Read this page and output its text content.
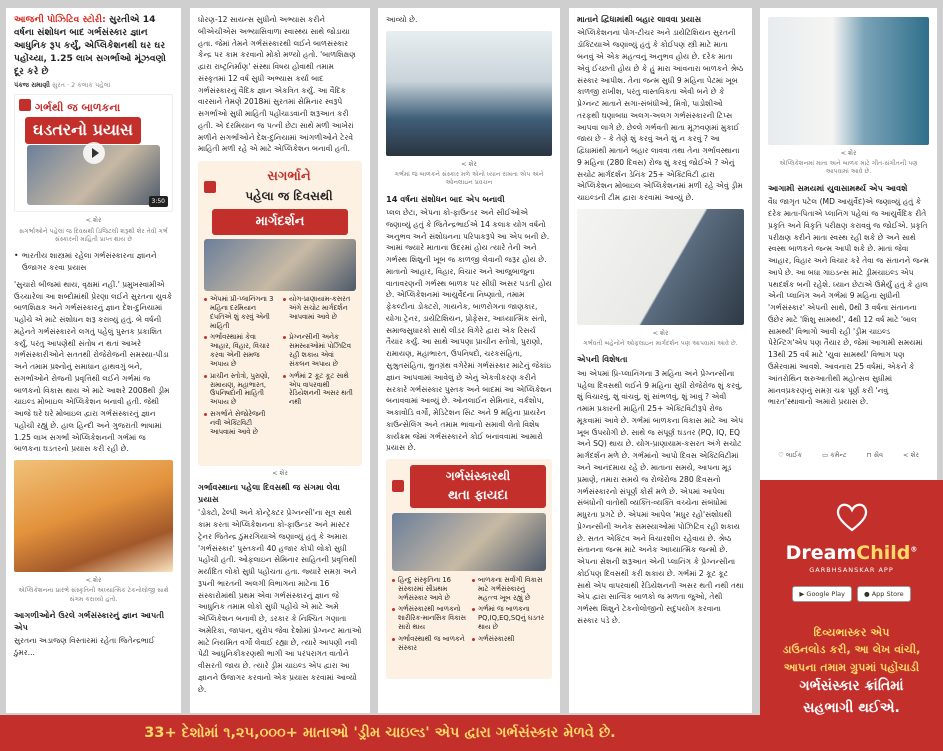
આજની પોઝિટિવ સ્ટોરી: સુરતીએ 14 વર્ષના સંશોધન બાદ ગર્ભસંસ્કાર જ્ઞાન આધુનિક રૂપ કર્યું, એપ્લિકેશનથી ઘર ઘર પહોંચ્યા, 1.25 લાખ સગર્ભાઓ મૂંઝવણો દૂર કરે છે
પંકજ રામાણી સુરત · 2 કલાક પહેલાં
ગર્ભથી જ બાળકના
ઘડતરનો પ્રયાસ
3:50
< શેર
સગર્ભાઓને પહેલાં જ દિવસથી ડિજિટલી શરૂથી શેર તેવી ગર્ભ સંસ્કારની માહિતી પ્રાપ્ત થાય છે

• ભારતીય શાસ્ત્રમાં રહેલા ગર્ભસંસ્કારના જ્ઞાનને ઉજાગર કરવા પ્રયાસ

'સુચારો બીજમાં થાય, વૃક્ષમાં નહીં.' પ્રમુખસ્વામીએ ઉચ્ચારેલા આ શબ્દોમાંથી પ્રેરણા લઈને સુરતના યુવકે બાળશિક્ષક અને ગર્ભસંસ્કારનું જ્ઞાન દેશ-દુનિયામાં પહોંચે એ માટે સંશોધન શરૂ કરાવ્યું હતું. બે વર્ષની મહેનતે ગર્ભસંસ્કારને લગતું પહેલું પુસ્તક પ્રકાશિત કર્યું, પરંતુ આપણેથી સંતોષ ન થતાં આખરે ગર્ભસંસ્કારીઓને સતતથી રોજેરોજની સમસ્યા-પીડા અને તમામ પ્રશ્નોનું સમાધાન હાથવગું બને, સગર્ભાઓને રોજની પ્રવૃત્તિથી લઈને ગર્ભમાં જ બાળકનો વિકાસ થાય એ માટે આશરે 2008થી ડ્રીમ ચાઇલ્ડ મોબાઇલ એપ્લિકેશન બનાવી હતી. જેથી આજે ઘરે ઘરે મોબાઇલ દ્વારા ગર્ભસંસ્કારનું જ્ઞાન પહોંચી રહ્યું છે. હાલ હિન્દી અને ગુજરાતી ભાષામાં 1.25 લાખ સગર્ભા એપ્લિકેશનની ગર્ભમાં જ બાળકના ઘડતરનો પ્રયાસ કરી રહી છે.

< શેર
એપ્લિકેશનના પ્રારંભે સંસ્કૃતિની અધ્યાત્મિક ટેકનોલોજી સાથે સંગમ કરાવ્યો હતો.
આગળીઓને ઉરલે ગર્ભસંસ્કારનું જ્ઞાન આપતી એપ

સુરતના અડાજણ વિસ્તારમાં રહેતા જિતેન્દ્રભાઈ ઠુંમર...

ધોરણ-12 સાયન્સ સુધીનો અભ્યાસ કરીને બીએચીએસ અભ્યાસિવાળા સ્વાસ્થ્ય સાથે જોડાયા હતા. જેમાં તેમને ગર્ભસંસ્કારથી લઈને બાળસંસ્કાર કેન્દ્ર પર કામ કરવાનો મોકો મળ્યો હતો. 'બાળશિક્ષણ દ્વારા રાષ્ટ્રનિર્માણ' સંસ્થા વિષય હોવાથી તમામ સંસ્કૃતમાં 12 વર્ષ સુધી અભ્યાસ કર્યા બાદ ગર્ભસંસ્કારનું વૈદિક જ્ઞાન એકત્રિત કર્યું. આ વૈદિક વારસાને તેમણે 2018માં સુરતમાં સેમિનાર સ્વરૂપે સગર્ભાઓ સુધી માહિતી પહોંચાડવાની શરૂઆત કરી હતી. એ દરમિયાન જ પત્ની છેટા સાથે મળી આખેરાં મળીને સગર્ભાઓને દેશ-દુનિયામાં આંગળીઓને ટેરવે માહિતી મળી રહે એ માટે એપ્લિકેશન બનાવી હતી.

સગર્ભાને
પહેલા જ દિવસથી
માર્ગદર્શન
એપમાં પ્રી-પ્લાનિંગના 3 મહિના દરમિયાન દંપતિએ શું કરવું એની માહિતી
યોગ-પ્રાણાયામ-કસરત અંગે સચોટ માર્ગદર્શન આપવામાં આવે છે
ગર્ભાવસ્થામાં કેવા આહાર, વિહાર, વિચાર કરવા એની સમજ અપાય છે
પ્રેગ્નન્સીની અનેક સમસ્યાઓમાં પોઝિટિવ રહી શકાય એવાં સંકલન અપાય છે
પ્રાચીન સ્તોત્રો, પુરાણો, રામાયણ, મહાભારત, ઉપનિષદોની માહિતી અપાય છે
ગર્ભમાં 2 કૂટ કૂટ સાથે એપ વાપરવાથી રેડિયેશનની અસર થતી નથી
સગર્ભાને સેજોરેજની નવી એક્ટિવિટી આપવામાં આવે છે
< શેર
ગર્ભાવસ્થાના પહેલા દિવસથી જ સંગમા લેવા પ્રયાસ

'ડોક્ટો, ઢેલ્પી અને કોન્ટ્રેક્ટર પ્રેગ્નન્સી'ના સૂત્ર સાથે કામ કરતા એપ્લિકેશનના કો-ફાઉન્ડર અને માસ્ટર ટ્રેનર જિતેન્દ્ર ઠુંમરગિયાએ જણાવ્યું હતું કે અમારા 'ગર્ભસંસ્કાર' પુસ્તકની 40 હજાર કોપી લોકો સુધી પહોંચી હતી. ઓફલાઇન સેમિનાર સાહિતની પ્રવૃત્તિથી મર્યાદિત લોકો સુધી પહોંચતા હતા. જ્યારે સમગ્ર અને રૂપની ભારતની અલગી વિભાગના માટેના 16 સંસ્કારોમાંથી પ્રથમ એવા ગર્ભસંસ્કારનું જ્ઞાન જે આધુનિક તમામ લોકો સુધી પહોંચે એ માટે અમે એપ્લિકેશન બનાવી છે, ડરકાર કે નિશ્ચિત ગણાતા અમેરિકા, જાપાન, યુરોપ જેવા દેશોમાં પ્રેગ્નન્ટ માતાઓ માટે નિયમિત વર્ગો લેવાઈ રહ્યા છે, ત્યારે આપણી નવી પેઢી આધુનિકીકરણથી ભાગી આ પરંપરાગત વાતોને વીસરતી જાય છે. ત્યારે ડ્રીમ ચાઇલ્ડ એપ દ્વારા આ જ્ઞાનને ઉજાગર કરવાનો એક પ્રયાસ કરવામાં આવ્યો છે.

આવ્યો છે.

< શેર
ગર્ભમાં જ બાળકને સંસ્કાર મળે એનો ધ્યાન રાખતા એપ અને ઓનલાઇન પ્રવચન
14 વર્ષના સંશોધન બાદ એપ બનાવી

પ્લલ છેટા, એપના કો-ફાઉન્ડર અને સીઈઓએ જણાવ્યું હતું કે જિતેન્દ્રભાઈએ 14 કલાક યોગ વર્ષનો અનુભવ અને સંશોધનના પરિપાકરૂપે આ એપ બની છે. આમાં જ્યારે માતાના ઉદરમાં હોય ત્યારે તેની અને ગર્ભસ્થ શિશુની ખૂબ જ કાળજી લેવાની જરૂર હોય છે. માતાનો આહાર, વિહાર, વિચાર અને આજુબાજુના વાતાવરણની ગર્ભસ્થ બાળક પર સીધી અસર પડતી હોય છે. એપ્લિકેશનમાં આયુર્વેદના નિષ્ણાતો, તમામ ફેકલ્ટીના ડોક્ટરો, ગાયનેક, બાળરોગના જાણકાર, યોગા ટ્રેનર, ડાયેટિશિયન, પ્રોફેસર, આધ્યાત્મિક સંતો, સમાજસુધારકો સાથે લીડર વિગેરે દ્વારા એક રિસર્ચ તૈયાર કર્યું. આ સાથે આપણા પ્રાચીન સ્તોત્રો, પુરાણો, રામાયણ, મહાભારત, ઉપનિષદો, ચરકસંહિતા, સુશ્રુતસંહિતા, ભ્રુતગ્રંથ વગેરેમાં ગર્ભસંસ્કાર માટેનું જેકાંઇ જ્ઞાન આપવામાં આવેલું છે એનું એકત્રીકરણ કરીને સરકારે ગર્ભસંસ્કાર પુસ્તક અને બાદમાં આ એપ્લિકેશન બનાવવામાં આવ્યું છે. ઓનલાઈન સેમિનાર, વર્કશોપ, અકાવોડિ વર્ગો, મેડિટેશન સિટ અને 9 મહિના પ્રાયરેન કાઉન્સેલિંગ અને તમામ ભાવાનો સમાવી લેતો વિશેષ કાર્યક્રમ જેમાં ગર્ભસંસ્કારને કોઈ બનાવવામાં આમારો પ્રયાસ છે.

ગર્ભસંસ્કારથી
થતા ફાયદા
હિન્દુ સંસ્કૃતિના 16 સંસ્કારમાં સૌપ્રથમ ગર્ભસંસ્કાર આવે છે
બાળકના સર્વાંગી વિકાસ માટે ગર્ભસંસ્કારનું મહત્ત્વ ખૂબ રહ્યું છે
ગર્ભસંસ્કારથી બાળકનો શારીરિક-માનસિક વિકાસ સારો થાય
ગર્ભમાં જ બાળકના PQ,IQ,EQ,SQનું ઘડતર થાય છે
ગર્ભાવસ્થાથી જ બાળકને સંસ્કાર
ગર્ભસંસ્કારથી
માતાને દ્વિધામાંથી બહાર લાવવા પ્રયાસ

એપ્લિકેશનના પોગ-ટીચર અને ડાયેટિશિયન સુરતની ડૉક્ટિયાએ જણાવ્યું હતું કે કોઈપણ સ્ત્રી માટે માતા બનવું એ એક મહત્વનું અનુભવ હોય છે. દરેક માતા એવું ઈચ્છતી હોય છે કે હું મારા આવનારા બાળકને શ્રેષ્ઠ સંસ્કાર આપીશ. તેના જન્મ સુધી 9 મહિના પેટમાં ખૂબ કાળજી રાખીશ, પરંતુ વાસ્તવિકતા એવી બને છે કે પ્રેગ્નન્ટ માતાને સગા-સંબંધીઓ, મિત્રો, પાડોશીઓ તરફથી ઘણાબધા અલગ-અલગ ગર્ભસંસ્કારની ટિપ્સ આપવા લાગે છે. છેલ્લે ગર્ભવતી માતા મૂંઝવણમાં મુકાઈ જાય છે - કે તેણે શું કરવું અને શું ન કરવું ? આ દ્વિધામાંથી માતાને બહાર લાવવા તથા તેના ગર્ભાવસ્થાના 9 મહિના (280 દિવસ) રોજ શું કરવું જોઈએ ? એનું સચોટ માર્ગદર્શન ડેનિંક 25+ એક્ટિવિટી દ્વારા એપ્લિકેશન મોબાઇલ એપ્લિકેશનમાં મળી રહે એવું ડ્રીમ ચાઇલ્ડની ટીમ દ્વારા કરવામાં આવ્યું છે.

< શેર
ગર્ભવતી બહેનોને ઓફલાઇન માર્ગદર્શન પણ આપવામાં આવે છે.
એપની વિશેષતા

આ એપમાં પ્રિ-પ્લાનિંગના 3 મહિના અને પ્રેગ્નન્સીના પહેલા દિવસથી લઈને 9 મહિના સુધી રોજેરોજ શું કરવું, શું વિચારવું, શું વાંચવું, શું સાંભળવું, શું ખાવું ? એવી તમામ પ્રકારની માહિતી 25+ એક્ટિવિટીરૂપે રોજ મૂકવામાં આવે છે. ગર્ભમાં બાળકના વિકાસ માટે આ એપ ખૂબ ઉપયોગી છે. સાથે જ સંપૂર્ણ ઘડતર (PQ, IQ, EQ અને SQ) થાય છે. યોગ-પ્રાણાયામ-કસરત અંગે સચોટ માર્ગદર્શન મળે છે. ગર્ભમાંનો આપો દિવસ એક્ટિવિટીમાં અને આનંદમાય રહે છે. માતાના સમયે, આપના મૂડ પ્રમાણે, તમારા સમયે જ રોજેરોજ 280 દિવસનો ગર્ભસંસ્કારનો સંપૂર્ણ કોર્સ મળે છે. એપમાં આપેલા સંબંધોની વાતોથી વ્યક્તિ-વ્યક્તિ વચ્ચેના સંબંધોમાં મધુરતા પ્રગટે છે. એપમાં આપેલ 'મધુર રહો'સંશોધથી પ્રેગ્નન્સીની અનેક સમસ્યાઓમાં પોઝિટિવ રહી શકાય છે. સતત એક્ટિવ અને વિચારશીલ રહેવાય છે. શ્રેષ્ઠ સંતાનના જન્મ માટે અનેક આધ્યાત્મિક જન્મો છે. એપના સેશની શરૂઆત એની પ્લાનિંગ કે પ્રેગ્નન્સીના કોઈપણ દિવસથી કરી શકાય છે. ગર્ભમાં 2 કૂટ કૂટ સાથે એપ વાપરવાથી રેડિયેશનની અસર થતી નથી તથા એપ દ્વારા સાત્વિક બાળકો જ મળતા જુઓ, તેથી ગર્ભસ્થ શિશુને ટેકનોલોજીનો સદુપયોગ કરવાના સંસ્કાર પડે છે.

< શેર
એપ્લિકેશનમાં માતા અને બાળક માટે ગીત-સંગીતની પણ આપવામાં આવે છે.
આગામી સમયમાં યુવાસામર્થ્ય એપ આવશે

વૈધ જાગૃત પટેલ (MD આયુર્વેદ)એ જણાવ્યું હતું કે દરેક માતા-પિતાએ પ્લાનિંગ પહેલાં જ આયુર્વેદિક રીતે પ્રકૃતિ અને વિકૃતિ પરીક્ષણ કરાવવું જ જોઈએ. પ્રકૃતિ પરીક્ષણ કરીને માતા સ્વસ્થ રહી શકે છે અને સાથે સ્વસ્થ બાળકને જન્મ આપી શકે છે. માતાં જેવા આહાર, વિહાર અને વિચાર કરે તેવા જ સંતાનને જન્મ આપે છે. આ બધા ગાઇડન્સ માટે ડ્રીમચાઇલ્ડ એપ પથદર્શક બની રહેશે. ધ્યાન છેટાએ ઉમેર્યું હતું કે હાલ એની પ્લાનિંગ અને ગર્ભમાં 9 મહિના સુધીની 'ગર્ભસંસ્કાર' એપની સાથે, 0થી 3 વર્ષના સંતાનના ઉછેર માટે 'શિશુ સામર્થ્ય', 4થી 12 વર્ષ માટે 'બાલ સામર્થ્ય' વિભાગો આવી રહી 'ડ્રીમ ચાઇલ્ડ પેરેન્ટિંગ'એપ પણ તૈયાર છે, જેમાં આગામી સમયમાં 13થી 25 વર્ષ માટે 'યુવા સામર્થ્ય' વિભાગ પણ ઉમેરવામાં આવશે. આવનારા 25 વર્ષમાં, એકને કે આંતરોથિન શરુઆતીથી મહોત્સવ સુધીમાં માનવપ્રકરણનું સમગ્ર ચક્ર પૂર્ણ કરી 'નવું ભારત'સ્થાવાનો અમારો પ્રયાસ છે.

♡ લાઈક	▭ કમેન્ટ	⊓ સેવ	< શેર
DreamChild®
GARBHSANSKAR APP
▶ Google Play	● App Store
દિવ્યભાસ્કર એપ
ડાઉનલોડ કરી, આ લેખ વાંચી,
આપના તમામ ગ્રુપમાં પહોંચાડી
ગર્ભસંસ્કાર ક્રાંતિમાં
સહભાગી થઈએ.
33+ દેશોમાં ૧,૨૫,૦૦૦+ માતાઓ 'ડ્રીમ ચાઇલ્ડ' એપ દ્વારા ગર્ભસંસ્કાર મેળવે છે.
